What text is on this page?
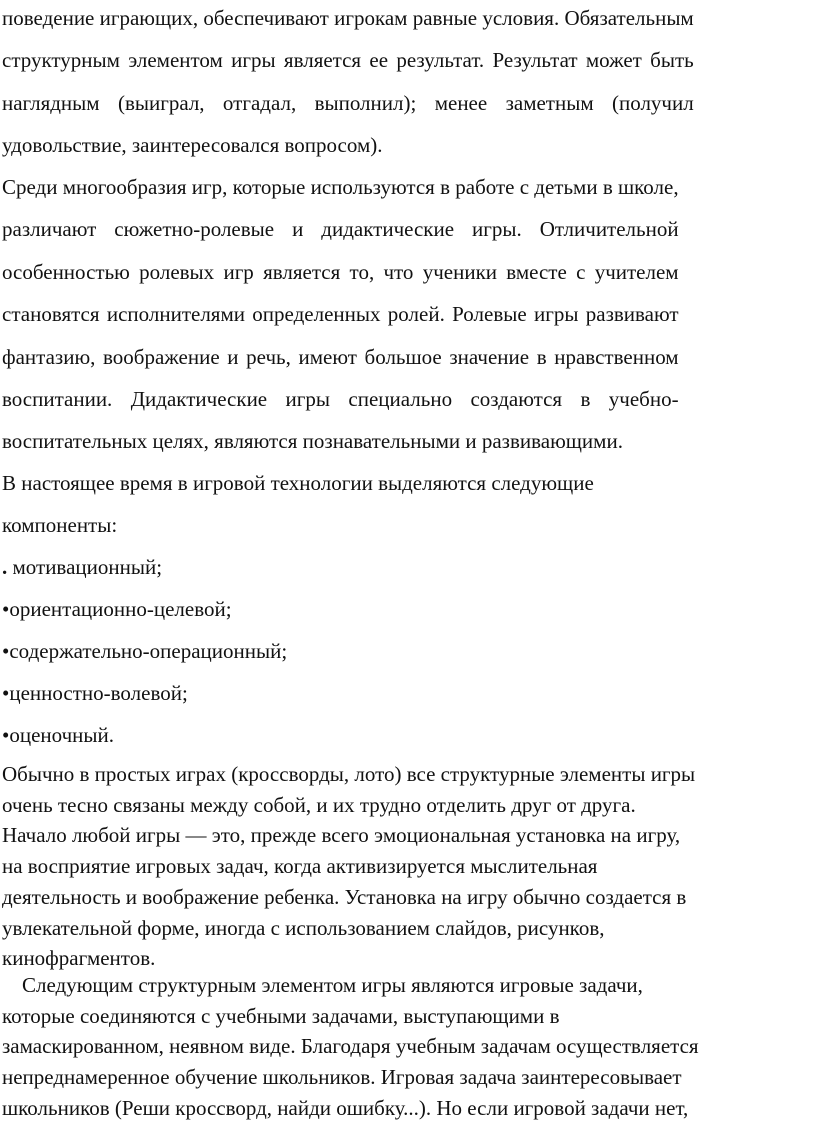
поведение играющих, обеспечивают игрокам равные условия. Обязательным
структурным элементом игры является ее результат. Результат может быть
наглядным (выиграл, отгадал, выполнил); менее заметным (получил
удовольствие, заинтересовался вопросом).

Среди многообразия игр, которые используются в работе с детьми в школе,
различают сюжетно-ролевые и дидактические игры. Отличительной
особенностью ролевых игр является то, что ученики вместе с учителем
становятся исполнителями определенных ролей. Ролевые игры развивают
фантазию, воображение и речь, имеют большое значение в нравственном
воспитании. Дидактические игры специально создаются в учебно-
воспитательных целях, являются познавательными и развивающими.

В настоящее время в игровой технологии выделяются следующие
компоненты:

. мотивационный;
•ориентационно-целевой;
•содержательно-операционный;
•ценностно-волевой;
•оценочный.

Обычно в простых играх (кроссворды, лото) все структурные элементы игры
очень тесно связаны между собой, и их трудно отделить друг от друга.
Начало любой игры — это, прежде всего эмоциональная установка на игру,
на восприятие игровых задач, когда активизируется мыслительная
деятельность и воображение ребенка. Установка на игру обычно создается в
увлекательной форме, иногда с использованием слайдов, рисунков,
кинофрагментов.

Следующим структурным элементом игры являются игровые задачи,
которые соединяются с учебными задачами, выступающими в
замаскированном, неявном виде. Благодаря учебным задачам осуществляется
непреднамеренное обучение школьников. Игровая задача заинтересовывает
школьников (Реши кроссворд, найди ошибку...). Но если игровой задачи нет,
